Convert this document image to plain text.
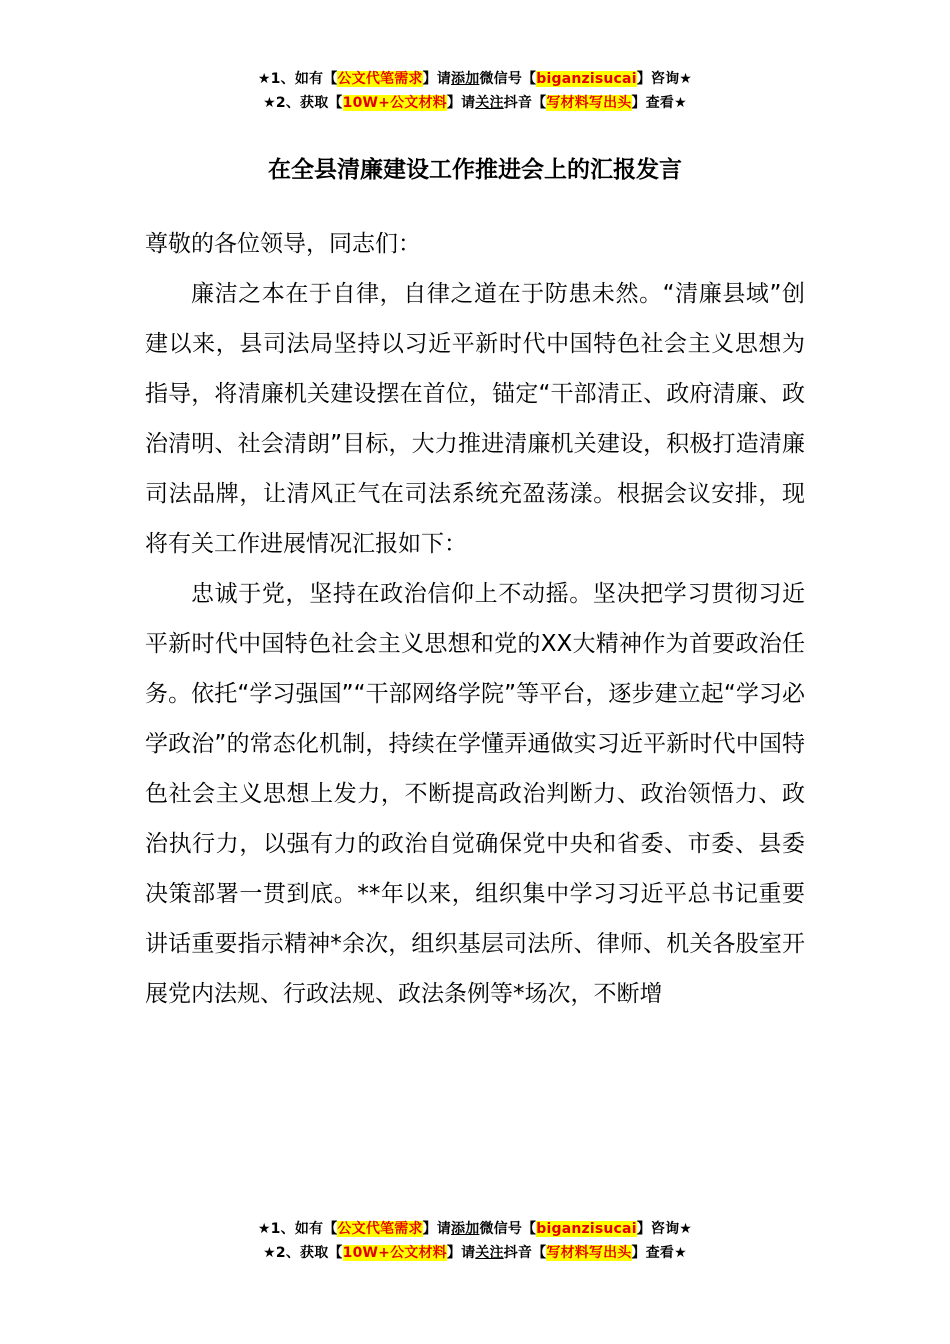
★1、如有【公文代笔需求】请添加微信号【biganzisucai】咨询★
★2、获取【10W+公文材料】请关注抖音【写材料写出头】查看★
在全县清廉建设工作推进会上的汇报发言

尊敬的各位领导，同志们：

廉洁之本在于自律，自律之道在于防患未然。“清廉县域”创建以来，县司法局坚持以习近平新时代中国特色社会主义思想为指导，将清廉机关建设摆在首位，锚定“干部清正、政府清廉、政治清明、社会清朗”目标，大力推进清廉机关建设，积极打造清廉司法品牌，让清风正气在司法系统充盈荡漾。根据会议安排，现将有关工作进展情况汇报如下：

忠诚于党，坚持在政治信仰上不动摇。坚决把学习贯彻习近平新时代中国特色社会主义思想和党的XX大精神作为首要政治任务。依托“学习强国”“干部网络学院”等平台，逐步建立起“学习必学政治”的常态化机制，持续在学懂弄通做实习近平新时代中国特色社会主义思想上发力，不断提高政治判断力、政治领悟力、政治执行力，以强有力的政治自觉确保党中央和省委、市委、县委决策部署一贯到底。**年以来，组织集中学习习近平总书记重要讲话重要指示精神*余次，组织基层司法所、律师、机关各股室开展党内法规、行政法规、政法条例等*场次，不断增

★1、如有【公文代笔需求】请添加微信号【biganzisucai】咨询★
★2、获取【10W+公文材料】请关注抖音【写材料写出头】查看★
